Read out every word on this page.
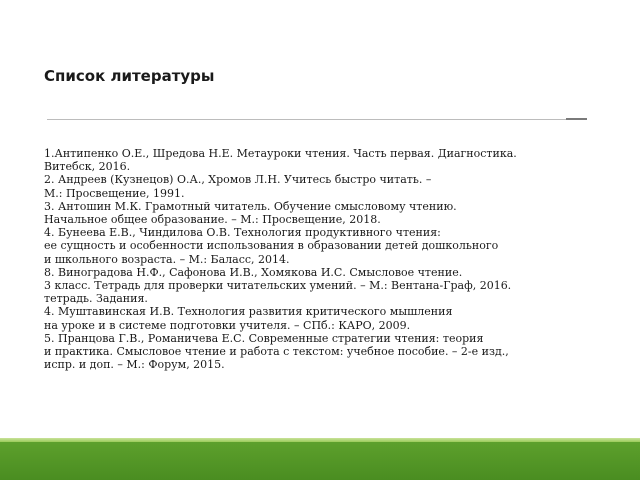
Список литературы
1.Антипенко О.Е., Шредова Н.Е. Метауроки чтения. Часть первая. Диагностика.
Витебск, 2016.
2. Андреев (Кузнецов) О.А., Хромов Л.Н. Учитесь быстро читать. –
М.: Просвещение, 1991.
3. Антошин М.К. Грамотный читатель. Обучение смысловому чтению.
Начальное общее образование. – М.: Просвещение, 2018.
4. Бунеева Е.В., Чиндилова О.В. Технология продуктивного чтения:
ее сущность и особенности использования в образовании детей дошкольного
и школьного возраста. – М.: Баласс, 2014.
8. Виноградова Н.Ф., Сафонова И.В., Хомякова И.С. Смысловое чтение.
3 класс. Тетрадь для проверки читательских умений. – М.: Вентана-Граф, 2016.
тетрадь. Задания.
4. Муштавинская И.В. Технология развития критического мышления
на уроке и в системе подготовки учителя. – СПб.: КАРО, 2009.
5. Пранцова Г.В., Романичева Е.С. Современные стратегии чтения: теория
и практика. Смысловое чтение и работа с текстом: учебное пособие. – 2-е изд.,
испр. и доп. – М.: Форум, 2015.
